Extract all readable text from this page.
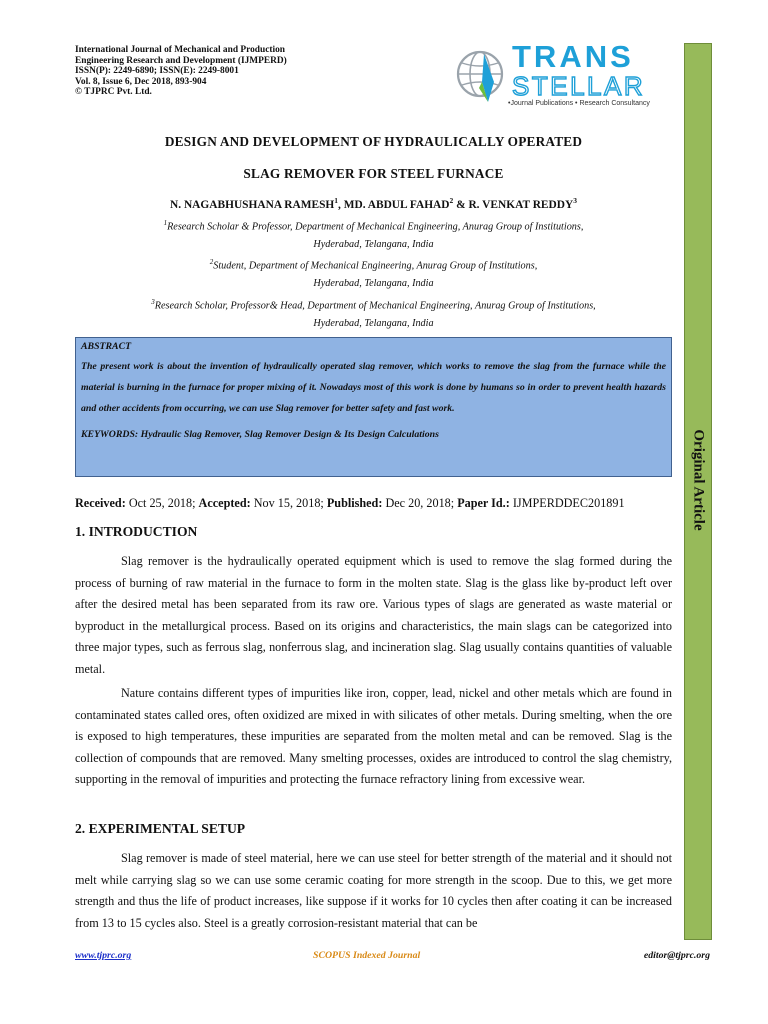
International Journal of Mechanical and Production
Engineering Research and Development (IJMPERD)
ISSN(P): 2249-6890; ISSN(E): 2249-8001
Vol. 8, Issue 6, Dec 2018, 893-904
© TJPRC Pvt. Ltd.
TRANS
STELLAR
•Journal Publications • Research Consultancy
Original Article
DESIGN AND DEVELOPMENT OF HYDRAULICALLY OPERATED
SLAG REMOVER FOR STEEL FURNACE
N. NAGABHUSHANA RAMESH$^1$, MD. ABDUL FAHAD$^2$ & R. VENKAT REDDY$^3$
$^1$Research Scholar & Professor, Department of Mechanical Engineering, Anurag Group of Institutions,
Hyderabad, Telangana, India
$^2$Student, Department of Mechanical Engineering, Anurag Group of Institutions,
Hyderabad, Telangana, India
$^3$Research Scholar, Professor& Head, Department of Mechanical Engineering, Anurag Group of Institutions,
Hyderabad, Telangana, India
ABSTRACT
The present work is about the invention of hydraulically operated slag remover, which works to remove the slag from the furnace while the material is burning in the furnace for proper mixing of it. Nowadays most of this work is done by humans so in order to prevent health hazards and other accidents from occurring, we can use Slag remover for better safety and fast work.
KEYWORDS: Hydraulic Slag Remover, Slag Remover Design & Its Design Calculations
Received: Oct 25, 2018; Accepted: Nov 15, 2018; Published: Dec 20, 2018; Paper Id.: IJMPERDDEC201891
1. INTRODUCTION

Slag remover is the hydraulically operated equipment which is used to remove the slag formed during the process of burning of raw material in the furnace to form in the molten state. Slag is the glass like by-product left over after the desired metal has been separated from its raw ore. Various types of slags are generated as waste material or byproduct in the metallurgical process. Based on its origins and characteristics, the main slags can be categorized into three major types, such as ferrous slag, nonferrous slag, and incineration slag. Slag usually contains quantities of valuable metal.

Nature contains different types of impurities like iron, copper, lead, nickel and other metals which are found in contaminated states called ores, often oxidized are mixed in with silicates of other metals. During smelting, when the ore is exposed to high temperatures, these impurities are separated from the molten metal and can be removed. Slag is the collection of compounds that are removed. Many smelting processes, oxides are introduced to control the slag chemistry, supporting in the removal of impurities and protecting the furnace refractory lining from excessive wear.

2. EXPERIMENTAL SETUP

Slag remover is made of steel material, here we can use steel for better strength of the material and it should not melt while carrying slag so we can use some ceramic coating for more strength in the scoop. Due to this, we get more strength and thus the life of product increases, like suppose if it works for 10 cycles then after coating it can be increased from 13 to 15 cycles also. Steel is a greatly corrosion-resistant material that can be

www.tjprc.org	SCOPUS Indexed Journal	editor@tjprc.org
